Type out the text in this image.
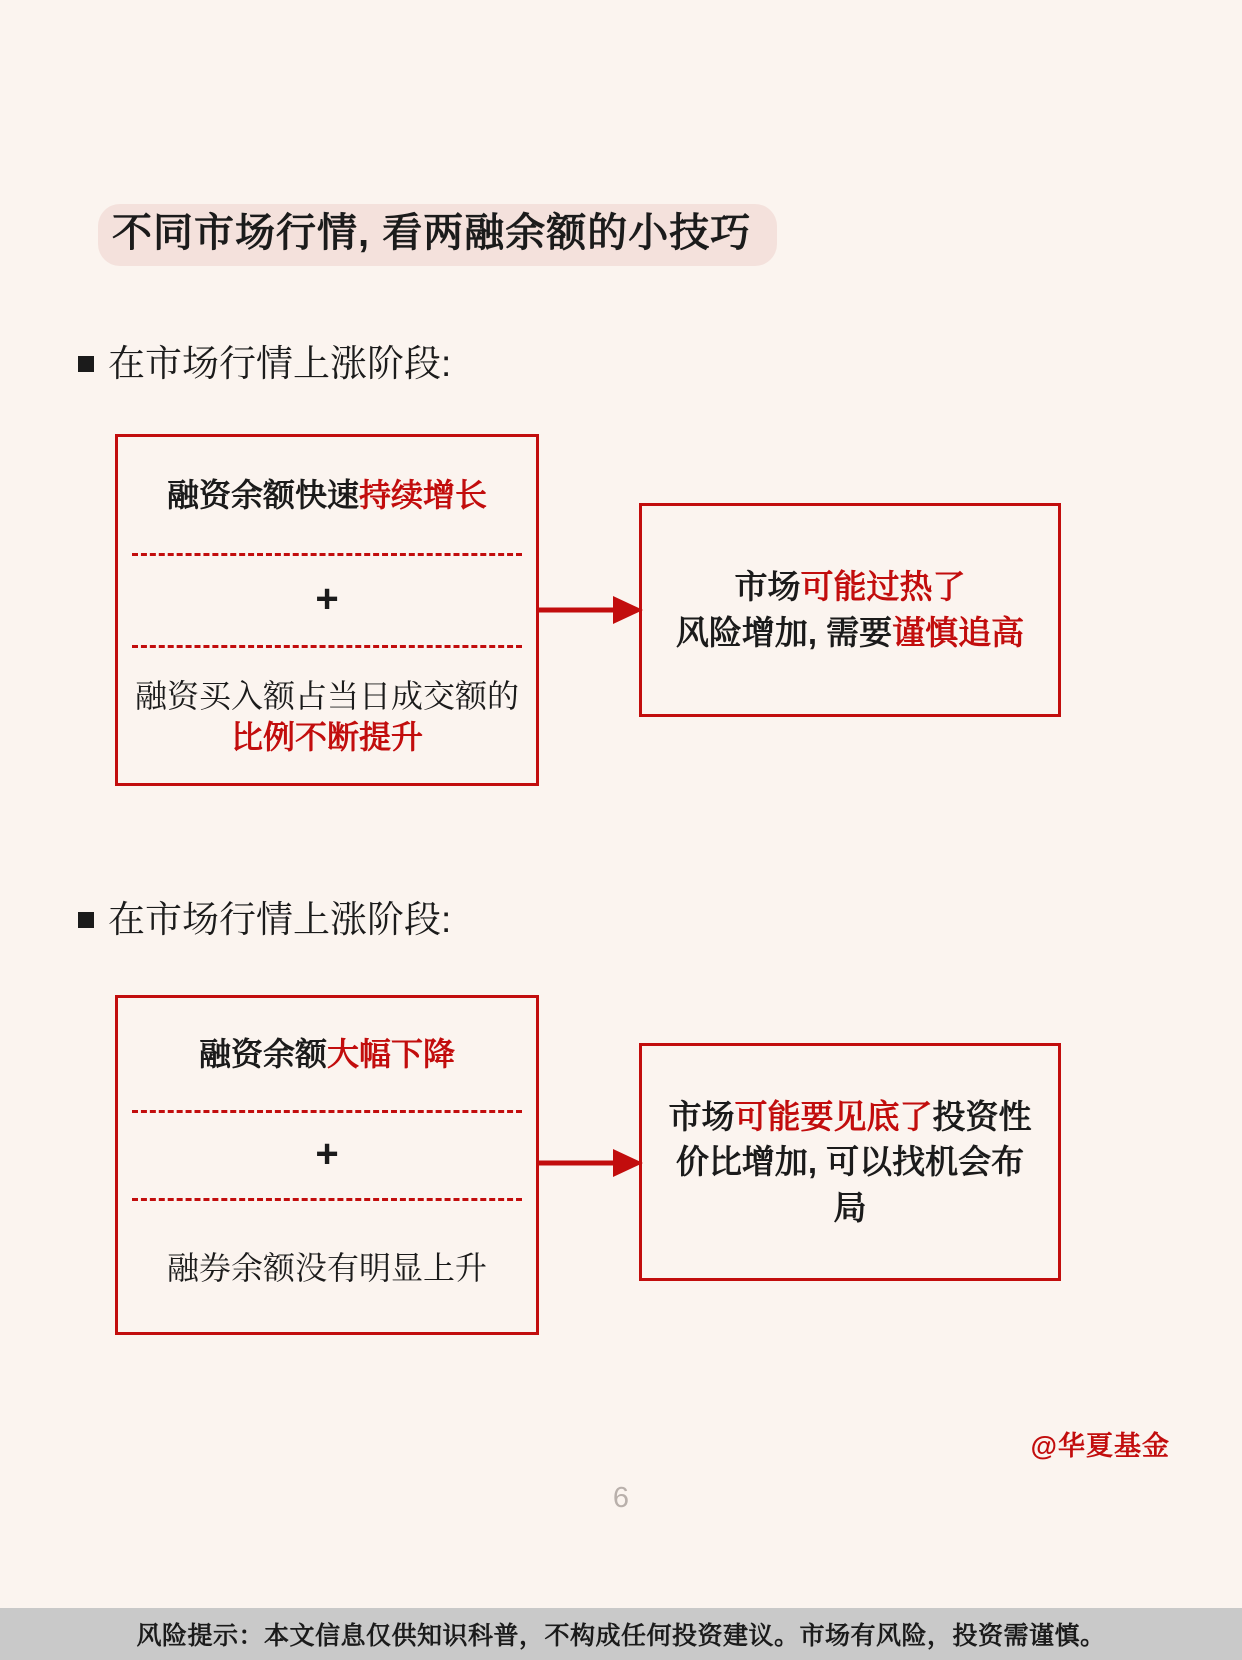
不同市场行情, 看两融余额的小技巧
在市场行情上涨阶段:
融资余额快速持续增长
+
融资买入额占当日成交额的比例不断提升
市场可能过热了
风险增加, 需要谨慎追高
在市场行情上涨阶段:
融资余额大幅下降
+
融券余额没有明显上升
市场可能要见底了投资性价比增加, 可以找机会布局
@华夏基金
6
风险提示：本文信息仅供知识科普，不构成任何投资建议。市场有风险，投资需谨慎。
